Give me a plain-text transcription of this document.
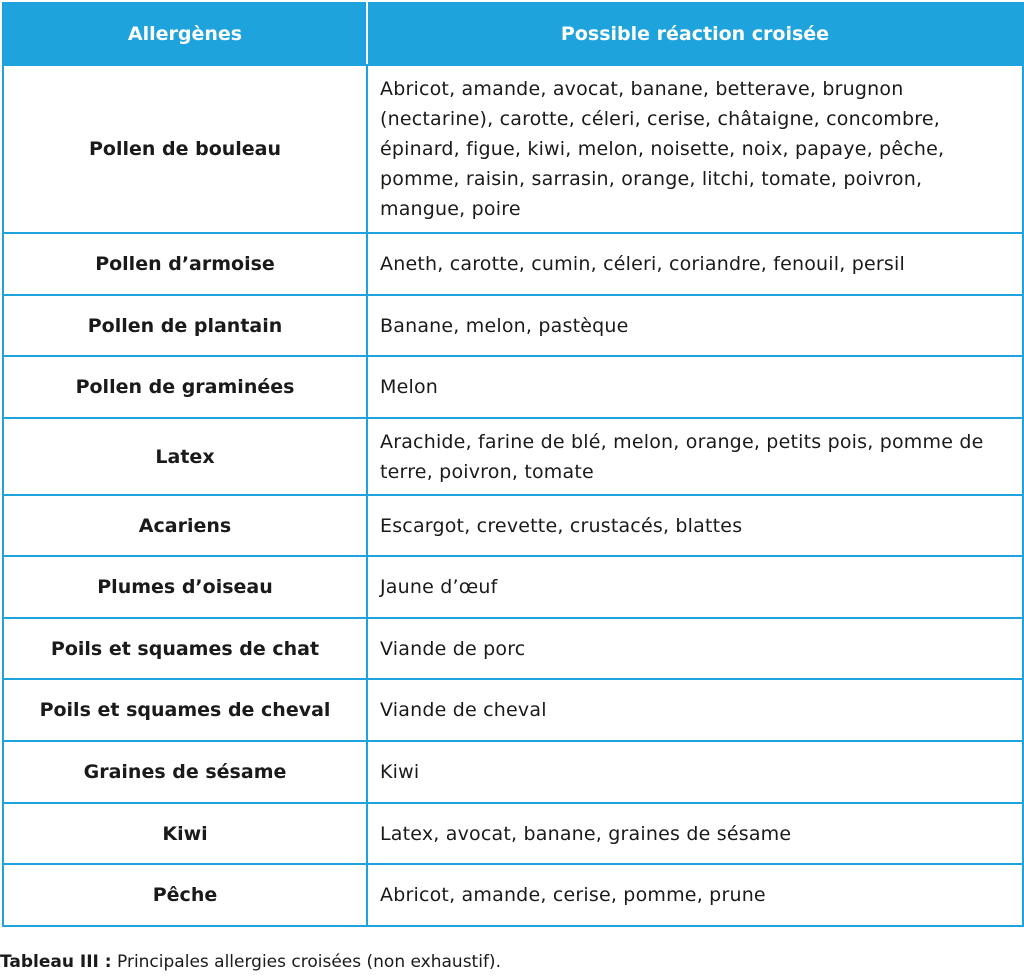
Allergènes	Possible réaction croisée
Pollen de bouleau	Abricot, amande, avocat, banane, betterave, brugnon (nectarine), carotte, céleri, cerise, châtaigne, concombre, épinard, figue, kiwi, melon, noisette, noix, papaye, pêche, pomme, raisin, sarrasin, orange, litchi, tomate, poivron, mangue, poire
Pollen d’armoise	Aneth, carotte, cumin, céleri, coriandre, fenouil, persil
Pollen de plantain	Banane, melon, pastèque
Pollen de graminées	Melon
Latex	Arachide, farine de blé, melon, orange, petits pois, pomme de terre, poivron, tomate
Acariens	Escargot, crevette, crustacés, blattes
Plumes d’oiseau	Jaune d’œuf
Poils et squames de chat	Viande de porc
Poils et squames de cheval	Viande de cheval
Graines de sésame	Kiwi
Kiwi	Latex, avocat, banane, graines de sésame
Pêche	Abricot, amande, cerise, pomme, prune
Tableau III : Principales allergies croisées (non exhaustif).
